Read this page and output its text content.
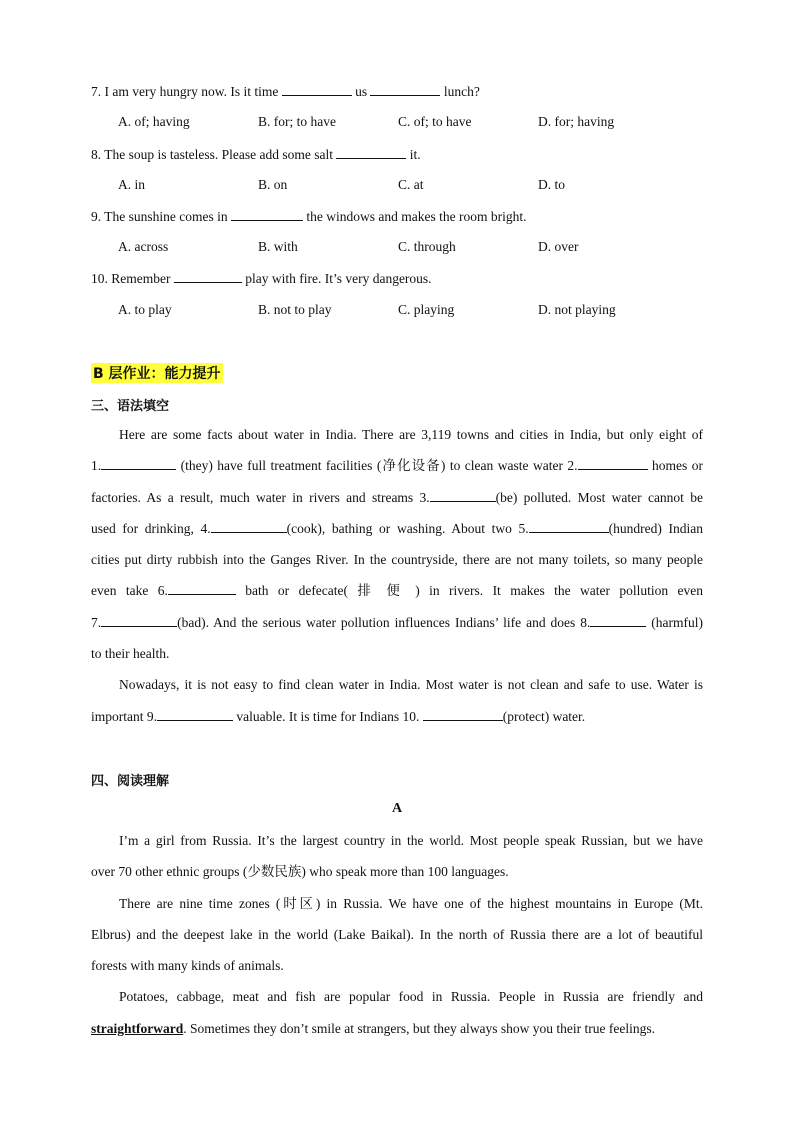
7. I am very hungry now. Is it time	us	lunch?
A. of; having	B. for; to have	C. of; to have	D. for; having
8. The soup is tasteless. Please add some salt	it.
A. in	B. on	C. at	D. to
9. The sunshine comes in	the windows and makes the room bright.
A. across	B. with	C. through	D. over
10. Remember	play with fire. It’s very dangerous.
A. to play	B. not to play	C. playing	D. not playing
B 层作业：能力提升
三、语法填空
Here are some facts about water in India. There are 3,119 towns and cities in India, but only eight of
1.	(they) have full treatment facilities (净化设备) to clean waste water 2.	homes or
factories. As a result, much water in rivers and streams 3.	(be) polluted. Most water cannot be
used for drinking, 4.	(cook), bathing or washing. About two 5.	(hundred) Indian
cities put dirty rubbish into the Ganges River. In the countryside, there are not many toilets, so many people
even take 6.	bath or defecate( 排 便 ) in rivers. It makes the water pollution even
7.	(bad). And the serious water pollution influences Indians’ life and does 8.	(harmful)
to their health.
Nowadays, it is not easy to find clean water in India. Most water is not clean and safe to use. Water is
important 9.	valuable. It is time for Indians 10.	(protect) water.
四、阅读理解
A
I’m a girl from Russia. It’s the largest country in the world. Most people speak Russian, but we have
over 70 other ethnic groups (少数民族) who speak more than 100 languages.
There are nine time zones (时区) in Russia. We have one of the highest mountains in Europe (Mt.
Elbrus) and the deepest lake in the world (Lake Baikal). In the north of Russia there are a lot of beautiful
forests with many kinds of animals.
Potatoes, cabbage, meat and fish are popular food in Russia. People in Russia are friendly and
straightforward. Sometimes they don’t smile at strangers, but they always show you their true feelings.
